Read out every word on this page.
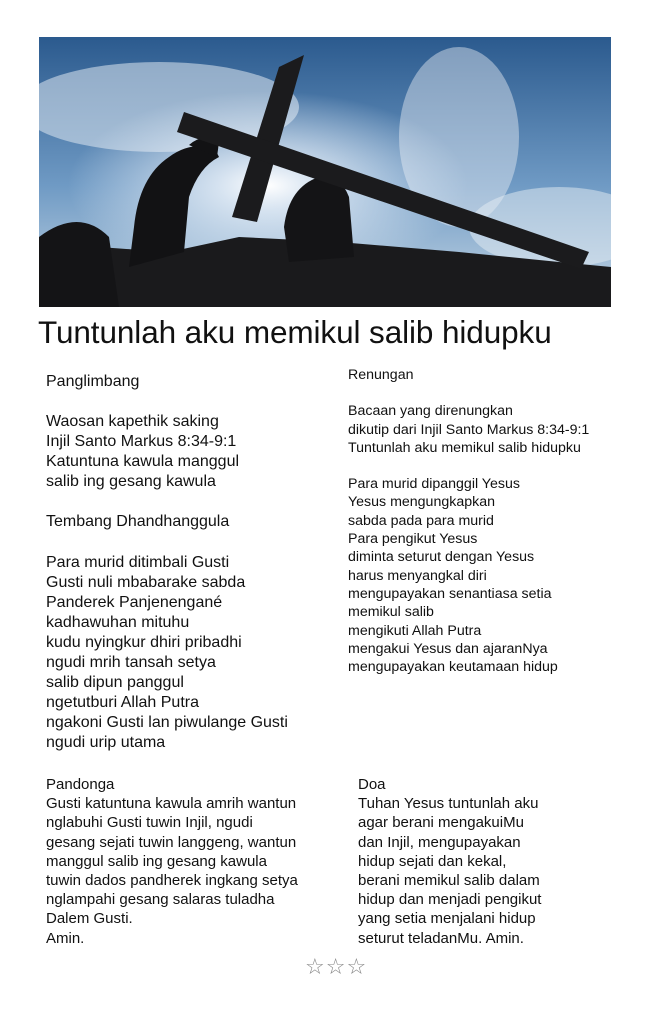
Tuntunlah aku memikul salib hidupku
Panglimbang
Waosan kapethik saking
Injil Santo Markus 8:34-9:1
Katuntuna kawula manggul
salib ing gesang kawula
Tembang Dhandhanggula
Para murid ditimbali Gusti
Gusti nuli mbabarake sabda
Panderek Panjenengané
kadhawuhan mituhu
kudu nyingkur dhiri pribadhi
ngudi mrih tansah setya
salib dipun panggul
ngetutburi Allah Putra
ngakoni Gusti lan piwulange Gusti
ngudi urip utama
Renungan
Bacaan yang direnungkan
dikutip dari Injil Santo Markus 8:34-9:1
Tuntunlah aku memikul salib hidupku
Para murid dipanggil Yesus
Yesus mengungkapkan
sabda pada para murid
Para pengikut Yesus
diminta seturut dengan Yesus
harus menyangkal diri
mengupayakan senantiasa setia
memikul salib
mengikuti Allah Putra
mengakui Yesus dan ajaranNya
mengupayakan keutamaan hidup
Pandonga
Gusti katuntuna kawula amrih wantun
nglabuhi Gusti tuwin Injil, ngudi
gesang sejati tuwin langgeng, wantun
manggul salib ing gesang kawula
tuwin dados pandherek ingkang setya
nglampahi gesang salaras tuladha
Dalem Gusti.
Amin.
Doa
Tuhan Yesus tuntunlah aku
agar berani mengakuiMu
dan Injil, mengupayakan
hidup sejati dan kekal,
berani memikul salib dalam
hidup dan menjadi pengikut
yang setia menjalani hidup
seturut teladanMu. Amin.
☆☆☆
